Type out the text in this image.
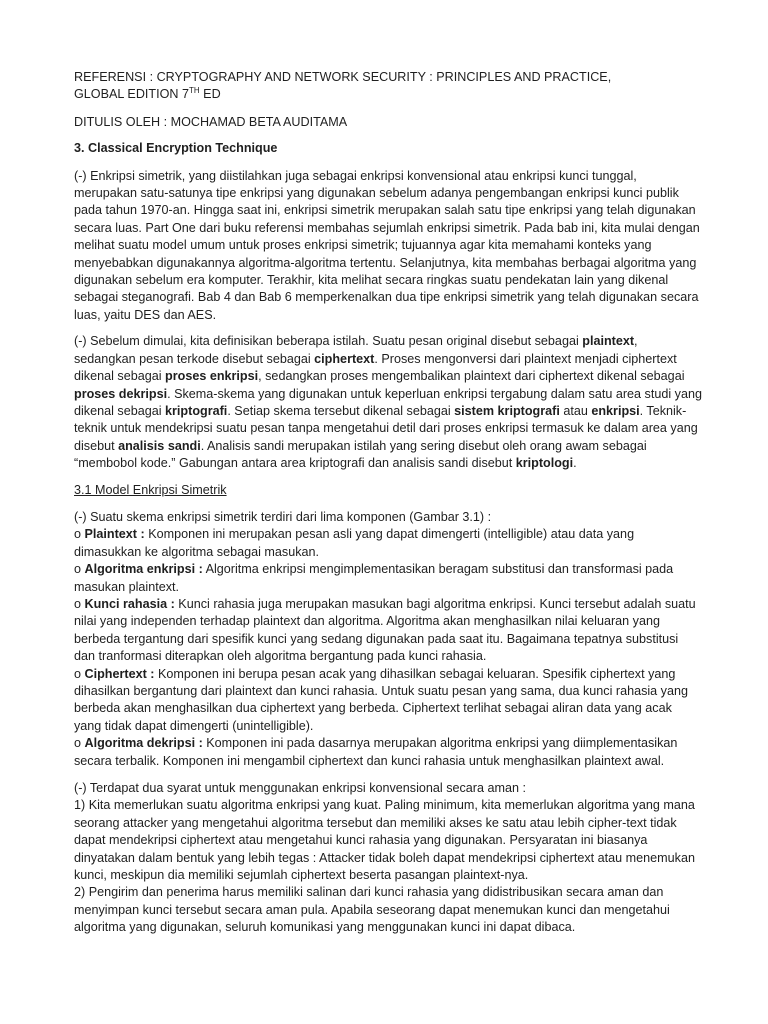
REFERENSI : CRYPTOGRAPHY AND NETWORK SECURITY : PRINCIPLES AND PRACTICE,

GLOBAL EDITION 7TH ED

DITULIS OLEH : MOCHAMAD BETA AUDITAMA

3. Classical Encryption Technique

(-) Enkripsi simetrik, yang diistilahkan juga sebagai enkripsi konvensional atau enkripsi kunci tunggal, merupakan satu-satunya tipe enkripsi yang digunakan sebelum adanya pengembangan enkripsi kunci publik pada tahun 1970-an. Hingga saat ini, enkripsi simetrik merupakan salah satu tipe enkripsi yang telah digunakan secara luas. Part One dari buku referensi membahas sejumlah enkripsi simetrik. Pada bab ini, kita mulai dengan melihat suatu model umum untuk proses enkripsi simetrik; tujuannya agar kita memahami konteks yang menyebabkan digunakannya algoritma-algoritma tertentu. Selanjutnya, kita membahas berbagai algoritma yang digunakan sebelum era komputer. Terakhir, kita melihat secara ringkas suatu pendekatan lain yang dikenal sebagai steganografi. Bab 4 dan Bab 6 memperkenalkan dua tipe enkripsi simetrik yang telah digunakan secara luas, yaitu DES dan AES.

(-) Sebelum dimulai, kita definisikan beberapa istilah. Suatu pesan original disebut sebagai plaintext, sedangkan pesan terkode disebut sebagai ciphertext. Proses mengonversi dari plaintext menjadi ciphertext dikenal sebagai proses enkripsi, sedangkan proses mengembalikan plaintext dari ciphertext dikenal sebagai proses dekripsi. Skema-skema yang digunakan untuk keperluan enkripsi tergabung dalam satu area studi yang dikenal sebagai kriptografi. Setiap skema tersebut dikenal sebagai sistem kriptografi atau enkripsi. Teknik-teknik untuk mendekripsi suatu pesan tanpa mengetahui detil dari proses enkripsi termasuk ke dalam area yang disebut analisis sandi. Analisis sandi merupakan istilah yang sering disebut oleh orang awam sebagai “membobol kode.” Gabungan antara area kriptografi dan analisis sandi disebut kriptologi.

3.1 Model Enkripsi Simetrik

(-) Suatu skema enkripsi simetrik terdiri dari lima komponen (Gambar 3.1) :

o Plaintext : Komponen ini merupakan pesan asli yang dapat dimengerti (intelligible) atau data yang dimasukkan ke algoritma sebagai masukan.

o Algoritma enkripsi : Algoritma enkripsi mengimplementasikan beragam substitusi dan transformasi pada masukan plaintext.

o Kunci rahasia : Kunci rahasia juga merupakan masukan bagi algoritma enkripsi. Kunci tersebut adalah suatu nilai yang independen terhadap plaintext dan algoritma. Algoritma akan menghasilkan nilai keluaran yang berbeda tergantung dari spesifik kunci yang sedang digunakan pada saat itu. Bagaimana tepatnya substitusi dan tranformasi diterapkan oleh algoritma bergantung pada kunci rahasia.

o Ciphertext : Komponen ini berupa pesan acak yang dihasilkan sebagai keluaran. Spesifik ciphertext yang dihasilkan bergantung dari plaintext dan kunci rahasia. Untuk suatu pesan yang sama, dua kunci rahasia yang berbeda akan menghasilkan dua ciphertext yang berbeda. Ciphertext terlihat sebagai aliran data yang acak yang tidak dapat dimengerti (unintelligible).

o Algoritma dekripsi : Komponen ini pada dasarnya merupakan algoritma enkripsi yang diimplementasikan secara terbalik. Komponen ini mengambil ciphertext dan kunci rahasia untuk menghasilkan plaintext awal.

(-) Terdapat dua syarat untuk menggunakan enkripsi konvensional secara aman :

1) Kita memerlukan suatu algoritma enkripsi yang kuat. Paling minimum, kita memerlukan algoritma yang mana seorang attacker yang mengetahui algoritma tersebut dan memiliki akses ke satu atau lebih cipher-text tidak dapat mendekripsi ciphertext atau mengetahui kunci rahasia yang digunakan. Persyaratan ini biasanya dinyatakan dalam bentuk yang lebih tegas : Attacker tidak boleh dapat mendekripsi ciphertext atau menemukan kunci, meskipun dia memiliki sejumlah ciphertext beserta pasangan plaintext-nya.

2) Pengirim dan penerima harus memiliki salinan dari kunci rahasia yang didistribusikan secara aman dan menyimpan kunci tersebut secara aman pula. Apabila seseorang dapat menemukan kunci dan mengetahui algoritma yang digunakan, seluruh komunikasi yang menggunakan kunci ini dapat dibaca.
